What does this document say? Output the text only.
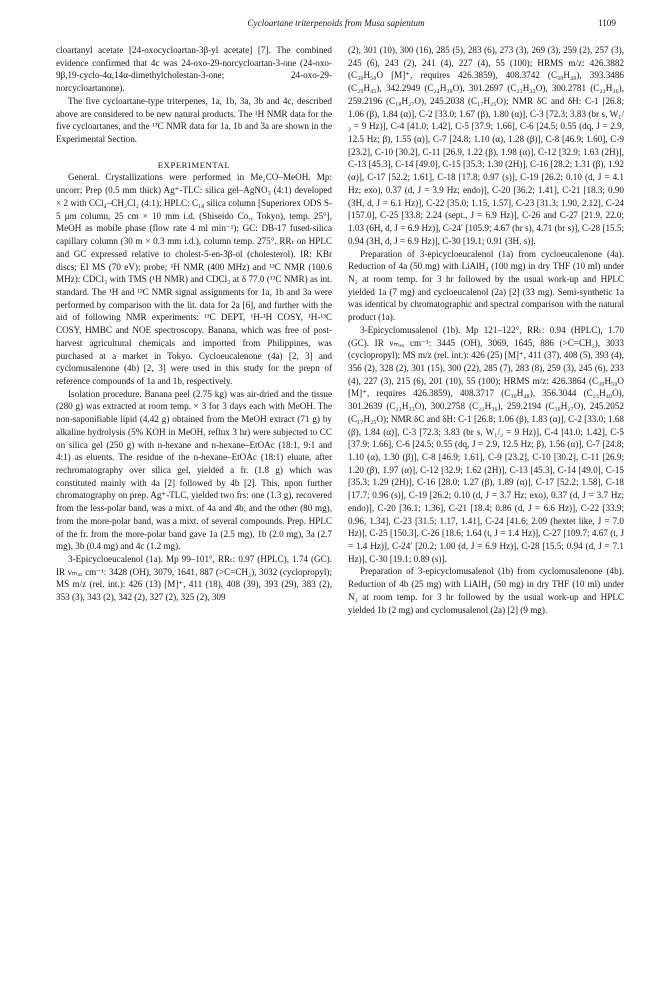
Cycloartane triterpenoids from Musa sapientum	1109

cloartanyl acetate [24-oxocycloartan-3β-yl acetate] [7]. The combined evidence confirmed that 4c was 24-oxo-29-norcycloartan-3-one (24-oxo-9β,19-cyclo-4α,14α-dimethylcholestan-3-one; 24-oxo-29-norcycloartanone).

The five cycloartane-type triterpenes, 1a, 1b, 3a, 3b and 4c, described above are considered to be new natural products. The ¹H NMR data for the five cycloartanes, and the ¹³C NMR data for 1a, 1b and 3a are shown in the Experimental Section.

EXPERIMENTAL

General. Crystallizations were performed in Me₂CO–MeOH. Mp: uncorr; Prep (0.5 mm thick) Ag⁺-TLC: silica gel–AgNO₃ (4:1) developed × 2 with CCl₄–CH₂Cl₂ (4:1); HPLC: C₁₈ silica column [Superiorex ODS S-5 μm column, 25 cm × 10 mm i.d. (Shiseido Co., Tokyo), temp. 25°], MeOH as mobile phase (flow rate 4 ml min⁻¹); GC: DB-17 fused-silica capillary column (30 m × 0.3 mm i.d.), column temp. 275°. RRₜ on HPLC and GC expressed relative to cholest-5-en-3β-ol (cholesterol). IR: KBr discs; EI MS (70 eV): probe; ¹H NMR (400 MHz) and ¹³C NMR (100.6 MHz): CDCl₃ with TMS (¹H NMR) and CDCl₃ at δ 77.0 (¹³C NMR) as int. standard. The ¹H and ¹³C NMR signal assignments for 1a, 1b and 3a were performed by comparison with the lit. data for 2a [6], and further with the aid of following NMR experiments: ¹³C DEPT, ¹H-¹H COSY, ¹H-¹³C COSY, HMBC and NOE spectroscopy. Banana, which was free of post-harvest agricultural chemicals and imported from Philippines, was purchased at a market in Tokyo. Cycloeucalenone (4a) [2, 3] and cyclomusalenone (4b) [2, 3] were used in this study for the prepn of reference compounds of 1a and 1b, respectively.

Isolation procedure. Banana peel (2.75 kg) was air-dried and the tissue (280 g) was extracted at room temp. × 3 for 3 days each with MeOH. The non-saponifiable lipid (4.42 g) obtained from the MeOH extract (71 g) by alkaline hydrolysis (5% KOH in MeOH, reflux 3 hr) were subjected to CC on silica gel (250 g) with n-hexane and n-hexane–EtOAc (18:1, 9:1 and 4:1) as eluents. The residue of the n-hexane–EtOAc (18:1) eluate, after rechromatography over silica gel, yielded a fr. (1.8 g) which was constituted mainly with 4a [2] followed by 4b [2]. This, upon further chromatography on prep. Ag⁺-TLC, yielded two frs: one (1.3 g), recovered from the less-polar band, was a mixt. of 4a and 4b, and the other (80 mg), from the more-polar band, was a mixt. of several compounds. Prep. HPLC of the fr. from the more-polar band gave 1a (2.5 mg), 1b (2.0 mg), 3a (2.7 mg), 3b (0.4 mg) and 4c (1.2 mg).

3-Epicycloeucalenol (1a). Mp 99–101°, RRₜ: 0.97 (HPLC), 1.74 (GC). IR νₘₐₓ cm⁻¹: 3428 (OH), 3079, 1641, 887 (>C=CH₂), 3032 (cyclopropyl); MS m/z (rel. int.): 426 (13) [M]⁺, 411 (18), 408 (39), 393 (29), 383 (2), 353 (3), 343 (2), 342 (2), 327 (2), 325 (2), 309

(2), 301 (10), 300 (16), 285 (5), 283 (6), 273 (3), 269 (3), 259 (2), 257 (3), 245 (6), 243 (2), 241 (4), 227 (4), 55 (100); HRMS m/z: 426.3882 (C₃₀H₅₀O [M]⁺, requires 426.3859), 408.3742 (C₃₀H₄₈), 393.3486 (C₂₉H₄₅), 342.2949 (C₂₄H₃₈O), 301.2697 (C₂₁H₃₃O), 300.2781 (C₂₂H₃₆), 259.2196 (C₁₈H₂₇O), 245.2038 (C₁₇H₂₅O); NMR δC and δH: C-1 [26.8; 1.06 (β), 1.84 (α)], C-2 [33.0; 1.67 (β), 1.80 (α)], C-3 [72.3; 3.83 (br s, W₁/₂ = 9 Hz)], C-4 [41.0; 1.42], C-5 [37.9; 1.66], C-6 [24.5; 0.55 (dq, J = 2.9, 12.5 Hz; β), 1.55 (α)], C-7 [24.8; 1.10 (α), 1.28 (β)], C-8 [46.9; 1.60], C-9 [23.2], C-10 [30.2], C-11 [26.9, 1.22 (β), 1.98 (α)], C-12 [32.9; 1.63 (2H)], C-13 [45.3], C-14 [49.0], C-15 [35.3; 1.30 (2H)], C-16 [28.2; 1.31 (β), 1.92 (α)], C-17 [52.2; 1.61], C-18 [17.8; 0.97 (s)], C-19 [26.2; 0.10 (d, J = 4.1 Hz; exo), 0.37 (d, J = 3.9 Hz; endo)], C-20 [36.2; 1.41], C-21 [18.3; 0.90 (3H, d, J = 6.1 Hz)], C-22 [35.0; 1.15, 1.57], C-23 [31.3; 1.90, 2.12], C-24 [157.0], C-25 [33.8; 2.24 (sept., J = 6.9 Hz)], C-26 and C-27 [21.9, 22.0; 1.03 (6H, d, J = 6.9 Hz)], C-24′ [105.9; 4.67 (br s), 4.71 (br s)], C-28 [15.5; 0.94 (3H, d, J = 6.9 Hz)], C-30 [19.1; 0.91 (3H, s)].

Preparation of 3-epicycloeucalenol (1a) from cycloeucalenone (4a). Reduction of 4a (50 mg) with LiAlH₄ (100 mg) in dry THF (10 ml) under N₂ at room temp. for 3 hr followed by the usual work-up and HPLC yielded 1a (7 mg) and cycloeucalenol (2a) [2] (33 mg). Semi-synthetic 1a was identical by chromatographic and spectral comparison with the natural product (1a).

3-Epicyclomusalenol (1b). Mp 121–122°, RRₜ: 0.94 (HPLC), 1.70 (GC). IR νₘₐₓ cm⁻¹: 3445 (OH), 3069, 1645, 886 (>C=CH₂), 3033 (cyclopropyl); MS m/z (rel. int.): 426 (25) [M]⁺, 411 (37), 408 (5), 393 (4), 356 (2), 328 (2), 301 (15), 300 (22), 285 (7), 283 (8), 259 (3), 245 (6), 233 (4), 227 (3), 215 (6), 201 (10), 55 (100); HRMS m/z: 426.3864 (C₃₀H₅₀O [M]⁺, requires 426.3859), 408.3717 (C₃₀H₄₈), 356.3044 (C₂₅H₄₀O), 301.2639 (C₂₁H₃₃O), 300.2758 (C₂₂H₃₆), 259.2194 (C₁₈H₂₇O), 245.2052 (C₁₇H₂₅O); NMR δC and δH: C-1 [26.8; 1.06 (β), 1.83 (α)], C-2 [33.0; 1.68 (β), 1.84 (α)], C-3 [72.3; 3.83 (br s, W₁/₂ = 9 Hz)], C-4 [41.0; 1.42], C-5 [37.9; 1.66], C-6 [24.5; 0.55 (dq, J = 2.9, 12.5 Hz; β), 1.56 (α)], C-7 [24.8; 1.10 (α), 1.30 (β)], C-8 [46.9; 1.61], C-9 [23.2], C-10 [30.2], C-11 [26.9; 1.20 (β), 1.97 (α)], C-12 [32.9; 1.62 (2H)], C-13 [45.3], C-14 [49.0], C-15 [35.3; 1.29 (2H)], C-16 [28.0; 1.27 (β), 1.89 (α)], C-17 [52.2; 1.58], C-18 [17.7; 0.96 (s)], C-19 [26.2; 0.10 (d, J = 3.7 Hz; exo), 0.37 (d, J = 3.7 Hz; endo)], C-20 [36.1; 1.36], C-21 [18.4; 0.86 (d, J = 6.6 Hz)], C-22 [33.9; 0.96, 1.34], C-23 [31.5; 1.17, 1.41], C-24 [41.6; 2.09 (hextet like, J = 7.0 Hz)], C-25 [150.3], C-26 [18.6; 1.64 (t, J = 1.4 Hz)], C-27 [109.7; 4.67 (t, J = 1.4 Hz)], C-24′ [20.2; 1.00 (d, J = 6.9 Hz)], C-28 [15.5; 0.94 (d, J = 7.1 Hz)], C-30 [19.1; 0.89 (s)].

Preparation of 3-epicyclomusalenol (1b) from cyclomusalenone (4b). Reduction of 4b (25 mg) with LiAlH₄ (50 mg) in dry THF (10 ml) under N₂ at room temp. for 3 hr followed by the usual work-up and HPLC yielded 1b (2 mg) and cyclomusalenol (2a) [2] (9 mg).
